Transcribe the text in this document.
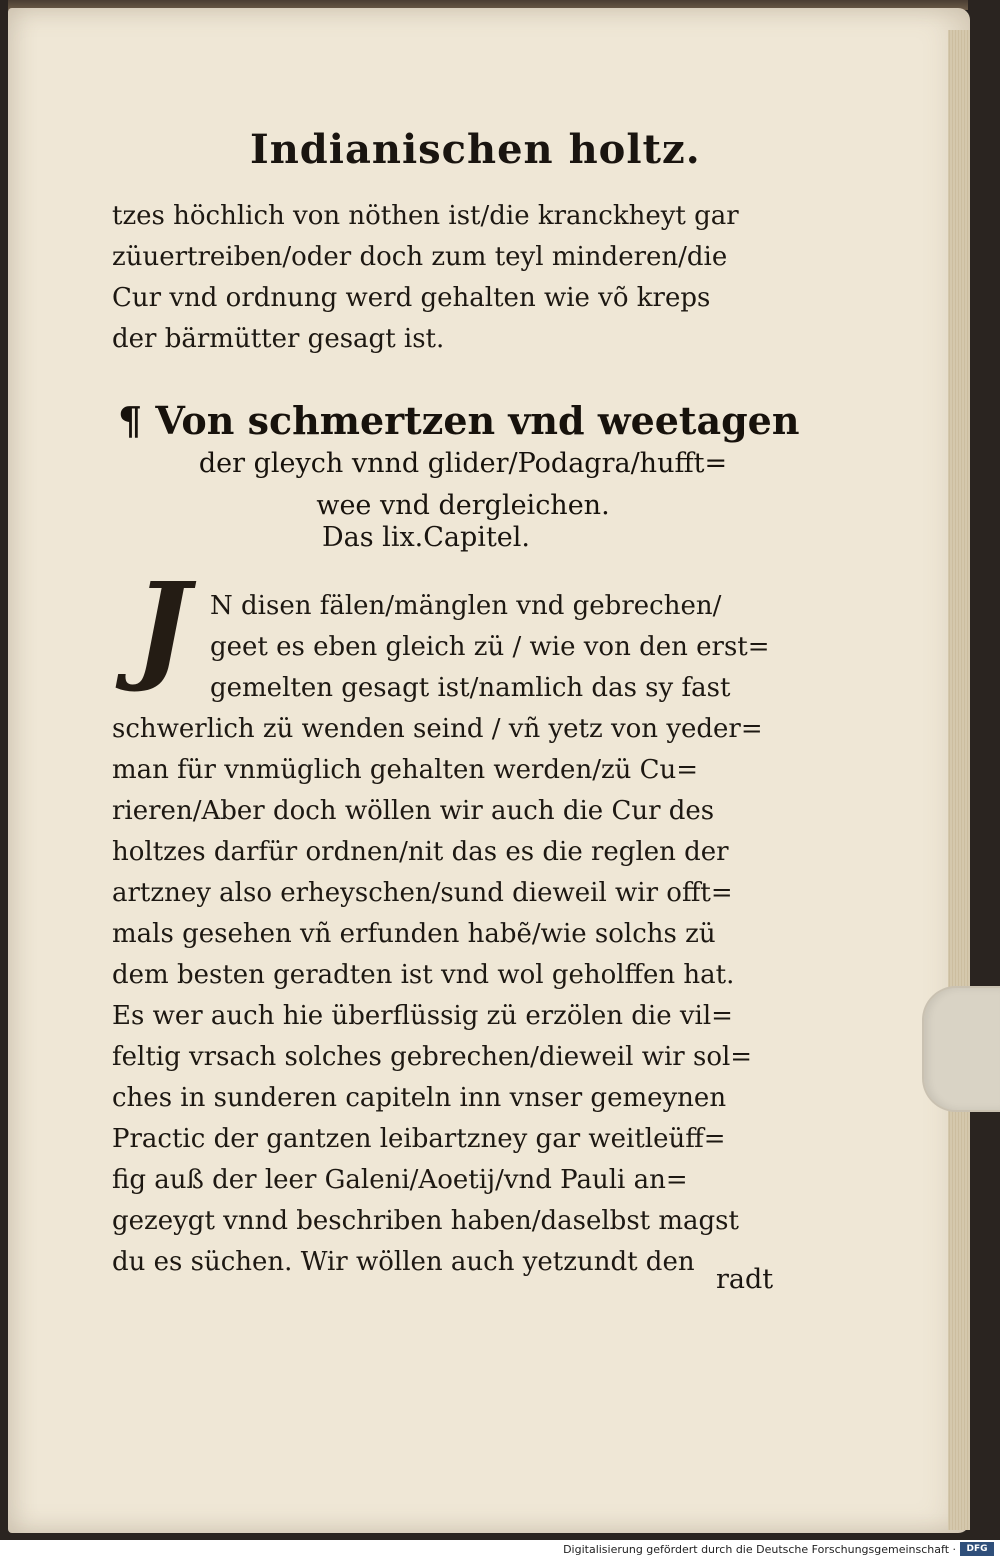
Indianischen holtz.
tzes höchlich von nöthen ist/die kranckheyt gar
züuertreiben/oder doch zum teyl minderen/die
Cur vnd ordnung werd gehalten wie võ kreps
der bärmütter gesagt ist.
¶ Von schmertzen vnd weetagen
der gleych vnnd glider/Podagra/hufft=
wee vnd dergleichen.
Das lix.Capitel.
J N disen fälen/mänglen vnd gebrechen/
geet es eben gleich zü / wie von den erst=
gemelten gesagt ist/namlich das sy fast
schwerlich zü wenden seind / vñ yetz von yeder=
man für vnmüglich gehalten werden/zü Cu=
rieren/Aber doch wöllen wir auch die Cur des
holtzes darfür ordnen/nit das es die reglen der
artzney also erheyschen/sund dieweil wir offt=
mals gesehen vñ erfunden habẽ/wie solchs zü
dem besten geradten ist vnd wol geholffen hat.
Es wer auch hie überflüssig zü erzölen die vil=
feltig vrsach solches gebrechen/dieweil wir sol=
ches in sunderen capiteln inn vnser gemeynen
Practic der gantzen leibartzney gar weitleüff=
fig auß der leer Galeni/Aoetij/vnd Pauli an=
gezeygt vnnd beschriben haben/daselbst magst
du es süchen. Wir wöllen auch yetzundt den
radt
Digitalisierung gefördert durch die Deutsche Forschungsgemeinschaft ·	DFG
